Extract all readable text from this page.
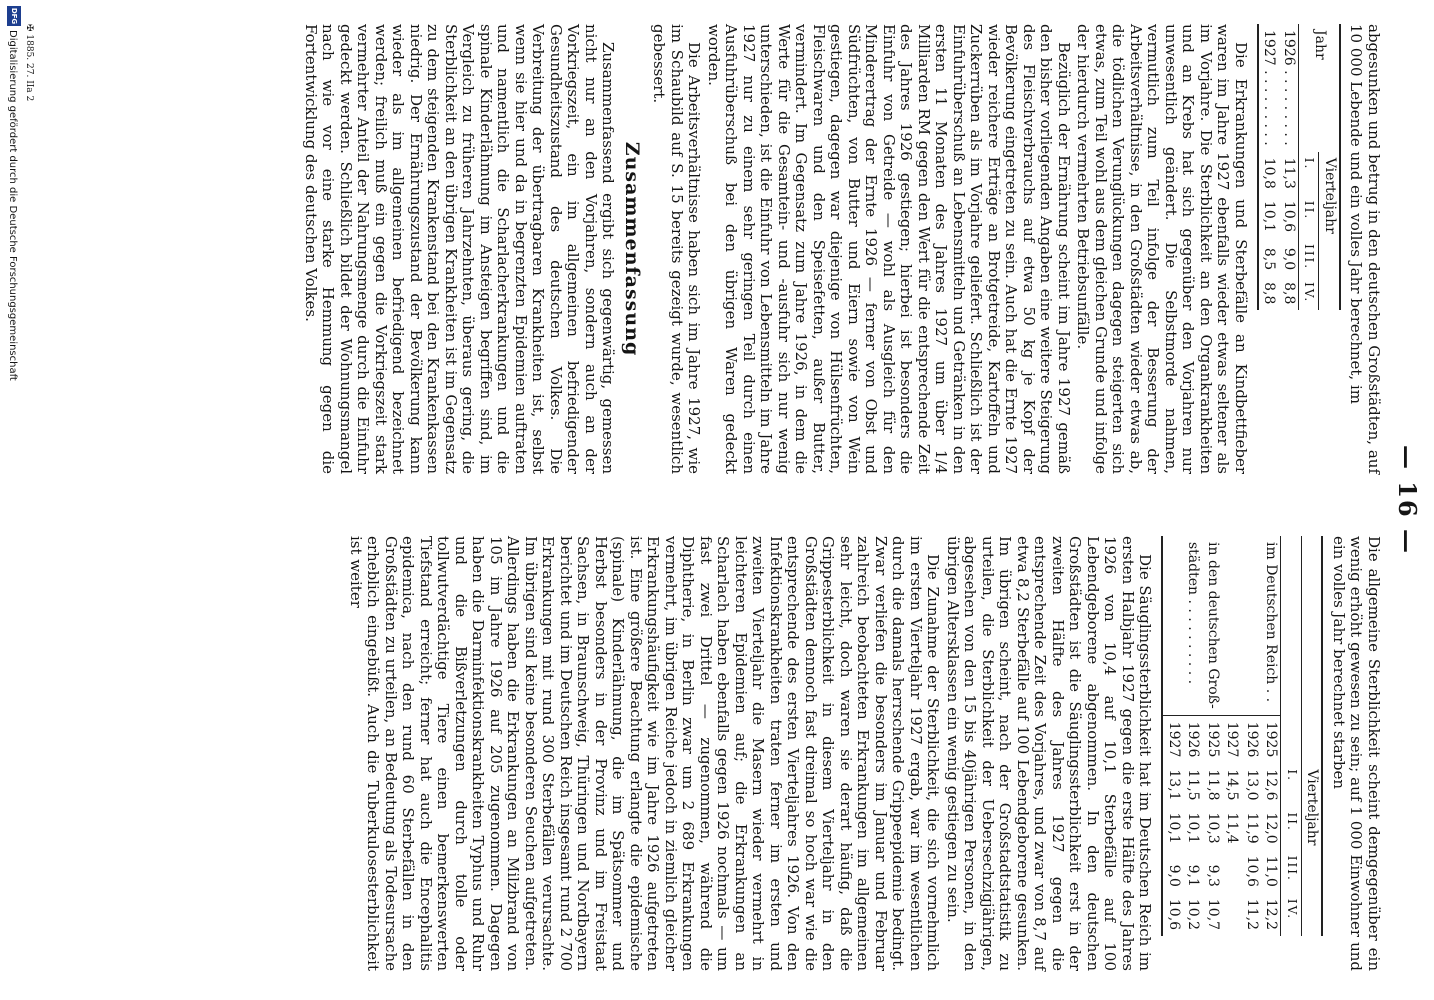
— 16 —

Die allgemeine Sterblichkeit scheint demgegenüber ein wenig erhöht gewesen zu sein; auf 1 000 Einwohner und ein volles Jahr berechnet starben

		Vierteljahr			
		I.	II.	III.	IV.
im Deutschen Reich . .	1925	12,6	12,0	11,0	12,2
	1926	13,0	11,9	10,6	11,2
	1927	14,5	11,4		
in den deutschen Groß-	1925	11,8	10,3	9,3	10,7
städten . . . . . . . . . .	1926	11,5	10,1	9,1	10,2
	1927	13,1	10,1	9,0	10,6

Die Säuglingssterblichkeit hat im Deutschen Reich im ersten Halbjahr 1927 gegen die erste Hälfte des Jahres 1926 von 10,4 auf 10,1 Sterbefälle auf 100 Lebendgeborene abgenommen. In den deutschen Großstädten ist die Säuglingssterblichkeit erst in der zweiten Hälfte des Jahres 1927 gegen die entsprechende Zeit des Vorjahres, und zwar von 8,7 auf etwa 8,2 Sterbefälle auf 100 Lebendgeborene gesunken. Im übrigen scheint, nach der Großstadtstatistik zu urteilen, die Sterblichkeit der Uebersechzigjährigen, abgesehen von den 15 bis 40jährigen Personen, in den übrigen Altersklassen ein wenig gestiegen zu sein.

Die Zunahme der Sterblichkeit, die sich vornehmlich im ersten Vierteljahr 1927 ergab, war im wesentlichen durch die damals herrschende Grippeepidemie bedingt. Zwar verliefen die besonders im Januar und Februar zahlreich beobachteten Erkrankungen im allgemeinen sehr leicht, doch waren sie derart häufig, daß die Grippesterblichkeit in diesem Vierteljahr in den Großstädten dennoch fast dreimal so hoch war wie die entsprechende des ersten Vierteljahres 1926. Von den Infektionskrankheiten traten ferner im ersten und zweiten Vierteljahr die Masern wieder vermehrt in leichteren Epidemien auf; die Erkrankungen an Scharlach haben ebenfalls gegen 1926 nochmals — um fast zwei Drittel — zugenommen, während die Diphtherie, in Berlin zwar um 2 689 Erkrankungen vermehrt, im übrigen Reiche jedoch in ziemlich gleicher Erkrankungshäufigkeit wie im Jahre 1926 aufgetreten ist. Eine größere Beachtung erlangte die epidemische (spinale) Kinderlähmung, die im Spätsommer und Herbst besonders in der Provinz und im Freistaat Sachsen, in Braunschweig, Thüringen und Nordbayern berichtet und im Deutschen Reich insgesamt rund 2 700 Erkrankungen mit rund 300 Sterbefällen verursachte. Im übrigen sind keine besonderen Seuchen aufgetreten. Allerdings haben die Erkrankungen an Milzbrand von 105 im Jahre 1926 auf 205 zugenommen. Dagegen haben die Darminfektionskrankheiten Typhus und Ruhr und die Bißverletzungen durch tolle oder tollwutverdächtige Tiere einen bemerkenswerten Tiefstand erreicht; ferner hat auch die Encephalitis epidemica, nach den rund 60 Sterbefällen in den Großstädten zu urteilen, an Bedeutung als Todesursache erheblich eingebüßt. Auch die Tuberkulosesterblichkeit ist weiter

abgesunken und betrug in den deutschen Großstädten, auf 10 000 Lebende und ein volles Jahr berechnet, im

Jahr	Vierteljahr			
	I.	II.	III.	IV.
1926 . . . . . . . . .	11,3	10,6	9,0	8,8
1927 . . . . . . . . .	10,8	10,1	8,5	8,8

Die Erkrankungen und Sterbefälle an Kindbettfieber waren im Jahre 1927 ebenfalls wieder etwas seltener als im Vorjahre. Die Sterblichkeit an den Organkrankheiten und an Krebs hat sich gegenüber den Vorjahren nur unwesentlich geändert. Die Selbstmorde nahmen, vermutlich zum Teil infolge der Besserung der Arbeitsverhältnisse, in den Großstädten wieder etwas ab, die tödlichen Verunglückungen dagegen steigerten sich etwas, zum Teil wohl aus dem gleichen Grunde und infolge der hierdurch vermehrten Betriebsunfälle.

Bezüglich der Ernährung scheint im Jahre 1927 gemäß den bisher vorliegenden Angaben eine weitere Steigerung des Fleischverbrauchs auf etwa 50 kg je Kopf der Bevölkerung eingetreten zu sein. Auch hat die Ernte 1927 wieder reichere Erträge an Brotgetreide, Kartoffeln und Zuckerrüben als im Vorjahre geliefert. Schließlich ist der Einfuhrüberschuß an Lebensmitteln und Getränken in den ersten 11 Monaten des Jahres 1927 um über 1/4 Milliarden RM gegen den Wert für die entsprechende Zeit des Jahres 1926 gestiegen; hierbei ist besonders die Einfuhr von Getreide — wohl als Ausgleich für den Minderertrag der Ernte 1926 — ferner von Obst und Südfrüchten, von Butter und Eiern sowie von Wein gestiegen, dagegen war diejenige von Hülsenfrüchten, Fleischwaren und den Speisefetten, außer Butter, vermindert. Im Gegensatz zum Jahre 1926, in dem die Werte für die Gesamtein- und -ausfuhr sich nur wenig unterschieden, ist die Einfuhr von Lebensmitteln im Jahre 1927 nur zu einem sehr geringen Teil durch einen Ausfuhrüberschuß bei den übrigen Waren gedeckt worden.

Die Arbeitsverhältnisse haben sich im Jahre 1927, wie im Schaubild auf S. 15 bereits gezeigt wurde, wesentlich gebessert.

Zusammenfassung

Zusammenfassend ergibt sich gegenwärtig, gemessen nicht nur an den Vorjahren, sondern auch an der Vorkriegszeit, ein im allgemeinen befriedigender Gesundheitszustand des deutschen Volkes. Die Verbreitung der übertragbaren Krankheiten ist, selbst wenn sie hier und da in begrenzten Epidemien auftraten und namentlich die Scharlacherkrankungen und die spinale Kinderlähmung im Ansteigen begriffen sind, im Vergleich zu früheren Jahrzehnten, überaus gering, die Sterblichkeit an den übrigen Krankheiten ist im Gegensatz zu dem steigenden Krankenstand bei den Krankenkassen niedrig. Der Ernährungszustand der Bevölkerung kann wieder als im allgemeinen befriedigend bezeichnet werden; freilich muß ein gegen die Vorkriegszeit stark vermehrter Anteil der Nahrungsmenge durch die Einfuhr gedeckt werden. Schließlich bildet der Wohnungsmangel nach wie vor eine starke Hemmung gegen die Fortentwicklung des deutschen Volkes.

✠ 1885. 27. IIa 2
DFG
Digitalisierung gefördert durch die Deutsche Forschungsgemeinschaft
